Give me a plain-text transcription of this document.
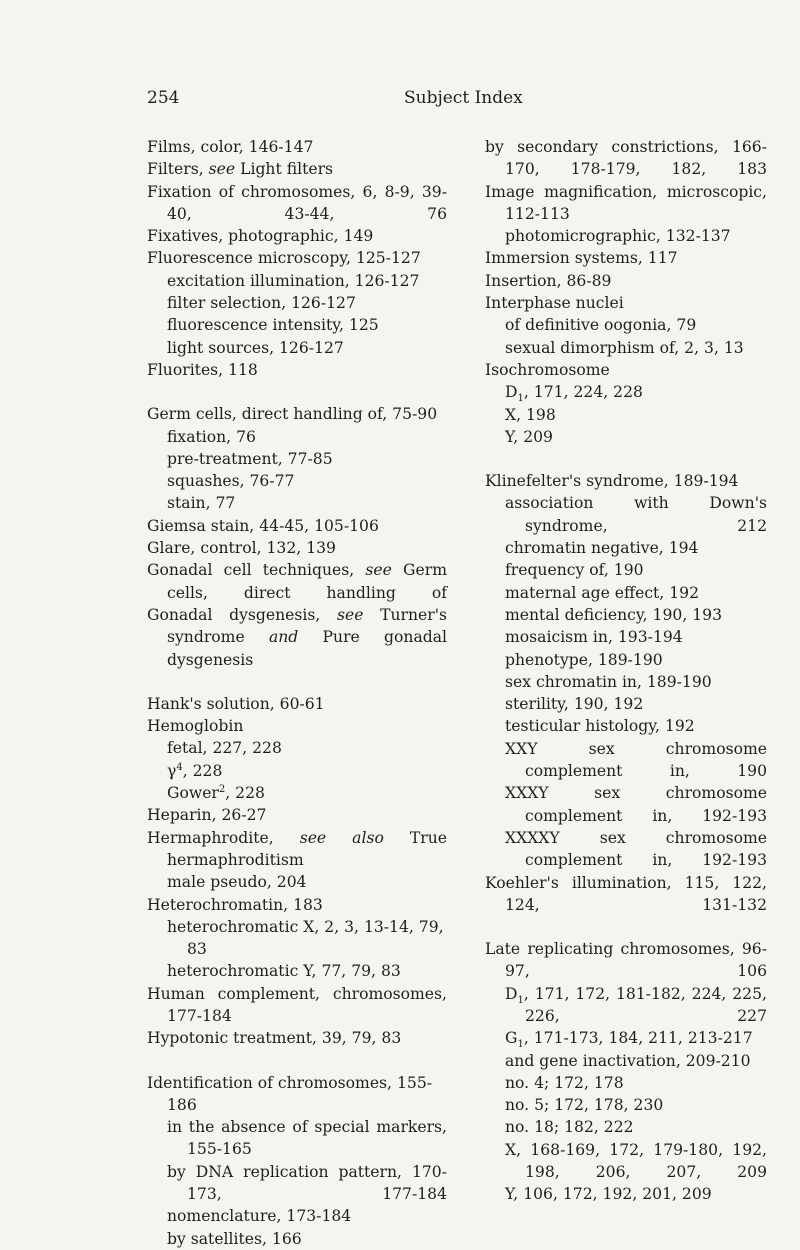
254	Subject Index

Films, color, 146-147

Filters, see Light filters

Fixation of chromosomes, 6, 8-9, 39-40, 43-44, 76

Fixatives, photographic, 149

Fluorescence microscopy, 125-127

excitation illumination, 126-127

filter selection, 126-127

fluorescence intensity, 125

light sources, 126-127

Fluorites, 118

Germ cells, direct handling of, 75-90

fixation, 76

pre-treatment, 77-85

squashes, 76-77

stain, 77

Giemsa stain, 44-45, 105-106

Glare, control, 132, 139

Gonadal cell techniques, see Germ cells, direct handling of

Gonadal dysgenesis, see Turner's syndrome and Pure gonadal dysgenesis

Hank's solution, 60-61

Hemoglobin

fetal, 227, 228

$\gamma^4$, 228

Gower$^2$, 228

Heparin, 26-27

Hermaphrodite, see also True hermaphroditism

male pseudo, 204

Heterochromatin, 183

heterochromatic X, 2, 3, 13-14, 79, 83

heterochromatic Y, 77, 79, 83

Human complement, chromosomes, 177-184

Hypotonic treatment, 39, 79, 83

Identification of chromosomes, 155-186

in the absence of special markers, 155-165

by DNA replication pattern, 170-173, 177-184

nomenclature, 173-184

by satellites, 166

by secondary constrictions, 166-170, 178-179, 182, 183

Image magnification, microscopic, 112-113

photomicrographic, 132-137

Immersion systems, 117

Insertion, 86-89

Interphase nuclei

of definitive oogonia, 79

sexual dimorphism of, 2, 3, 13

Isochromosome

$D_1$, 171, 224, 228

X, 198

Y, 209

Klinefelter's syndrome, 189-194

association with Down's syndrome, 212

chromatin negative, 194

frequency of, 190

maternal age effect, 192

mental deficiency, 190, 193

mosaicism in, 193-194

phenotype, 189-190

sex chromatin in, 189-190

sterility, 190, 192

testicular histology, 192

XXY sex chromosome complement in, 190

XXXY sex chromosome complement in, 192-193

XXXXY sex chromosome complement in, 192-193

Koehler's illumination, 115, 122, 124, 131-132

Late replicating chromosomes, 96-97, 106

$D_1$, 171, 172, 181-182, 224, 225, 226, 227

$G_1$, 171-173, 184, 211, 213-217

and gene inactivation, 209-210

no. 4; 172, 178

no. 5; 172, 178, 230

no. 18; 182, 222

X, 168-169, 172, 179-180, 192, 198, 206, 207, 209

Y, 106, 172, 192, 201, 209
